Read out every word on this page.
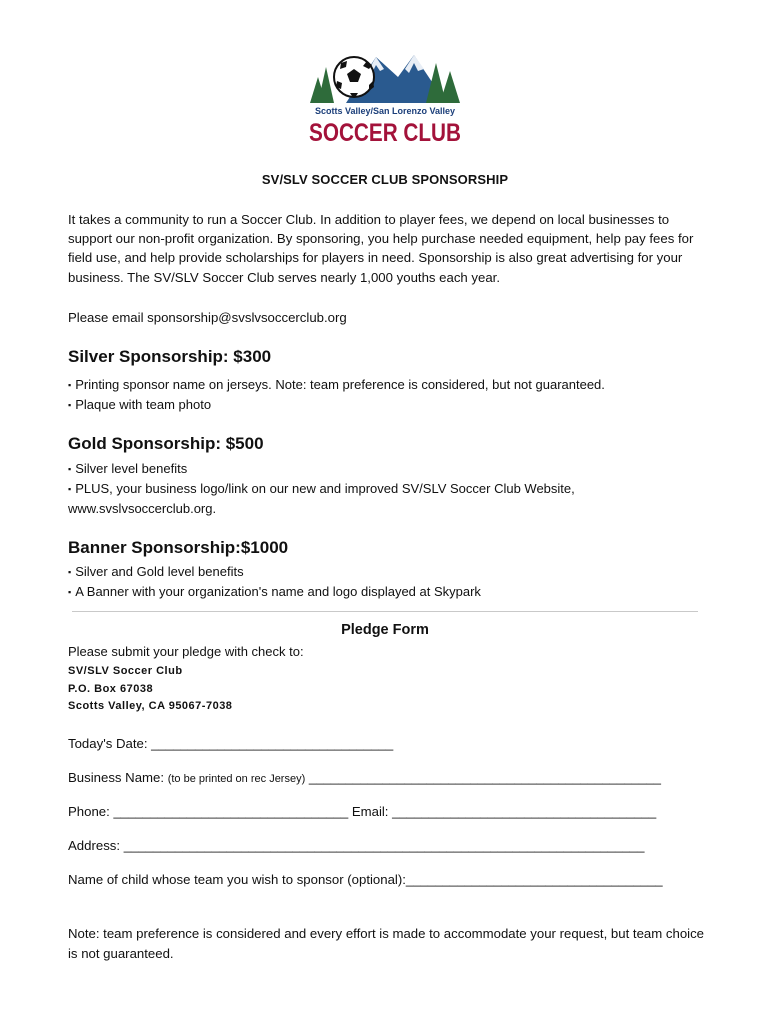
Scotts Valley/San Lorenzo Valley
SOCCER CLUB
SV/SLV SOCCER CLUB SPONSORSHIP

It takes a community to run a Soccer Club. In addition to player fees, we depend on local businesses to support our non-profit organization. By sponsoring, you help purchase needed equipment, help pay fees for field use, and help provide scholarships for players in need. Sponsorship is also great advertising for your business. The SV/SLV Soccer Club serves nearly 1,000 youths each year.

Please email sponsorship@svslvsoccerclub.org

Silver Sponsorship: $300
▪ Printing sponsor name on jerseys. Note: team preference is considered, but not guaranteed.
▪ Plaque with team photo
Gold Sponsorship: $500
▪ Silver level benefits
▪ PLUS, your business logo/link on our new and improved SV/SLV Soccer Club Website, www.svslvsoccerclub.org.
Banner Sponsorship:$1000
▪ Silver and Gold level benefits
▪ A Banner with your organization's name and logo displayed at Skypark
Pledge Form
Please submit your pledge with check to:
SV/SLV Soccer Club
P.O. Box 67038
Scotts Valley, CA 95067-7038
Today's Date: _________________________________
Business Name: (to be printed on rec Jersey) ________________________________________________
Phone: ________________________________ Email: ____________________________________
Address: _______________________________________________________________________
Name of child whose team you wish to sponsor (optional):___________________________________

Note: team preference is considered and every effort is made to accommodate your request, but team choice is not guaranteed.
